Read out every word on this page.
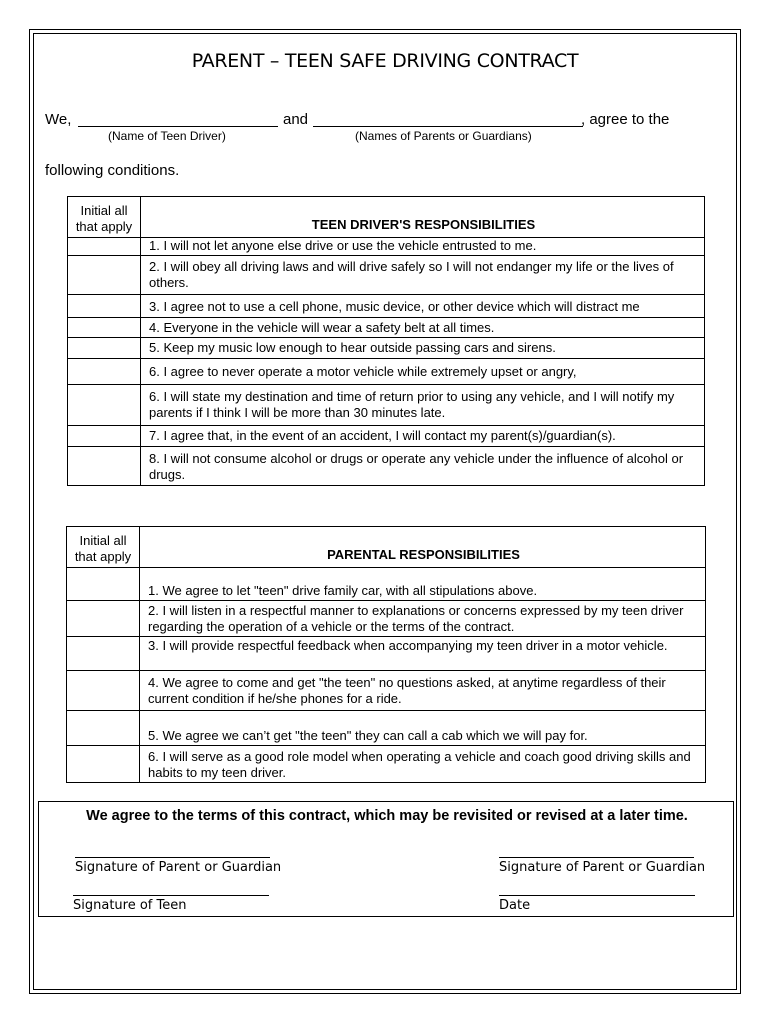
PARENT – TEEN SAFE DRIVING CONTRACT
We,	and	, agree to the
(Name of Teen Driver)	(Names of Parents or Guardians)
following conditions.
Initial all that apply	TEEN DRIVER'S RESPONSIBILITIES
	1. I will not let anyone else drive or use the vehicle entrusted to me.
	2. I will obey all driving laws and will drive safely so I will not endanger my life or the lives of others.
	3. I agree not to use a cell phone, music device, or other device which will distract me
	4. Everyone in the vehicle will wear a safety belt at all times.
	5. Keep my music low enough to hear outside passing cars and sirens.
	6. I agree to never operate a motor vehicle while extremely upset or angry,
	6. I will state my destination and time of return prior to using any vehicle, and I will notify my parents if I think I will be more than 30 minutes late.
	7. I agree that, in the event of an accident, I will contact my parent(s)/guardian(s).
	8. I will not consume alcohol or drugs or operate any vehicle under the influence of alcohol or drugs.
Initial all that apply	PARENTAL RESPONSIBILITIES
	1. We agree to let "teen" drive family car, with all stipulations above.
	2. I will listen in a respectful manner to explanations or concerns expressed by my teen driver regarding the operation of a vehicle or the terms of the contract.
	3. I will provide respectful feedback when accompanying my teen driver in a motor vehicle.
	4. We agree to come and get "the teen" no questions asked, at anytime regardless of their current condition if he/she phones for a ride.
	5. We agree we can’t get "the teen" they can call a cab which we will pay for.
	6. I will serve as a good role model when operating a vehicle and coach good driving skills and habits to my teen driver.
We agree to the terms of this contract, which may be revisited or revised at a later time.
Signature of Parent or Guardian	Signature of Parent or Guardian
Signature of Teen	Date
